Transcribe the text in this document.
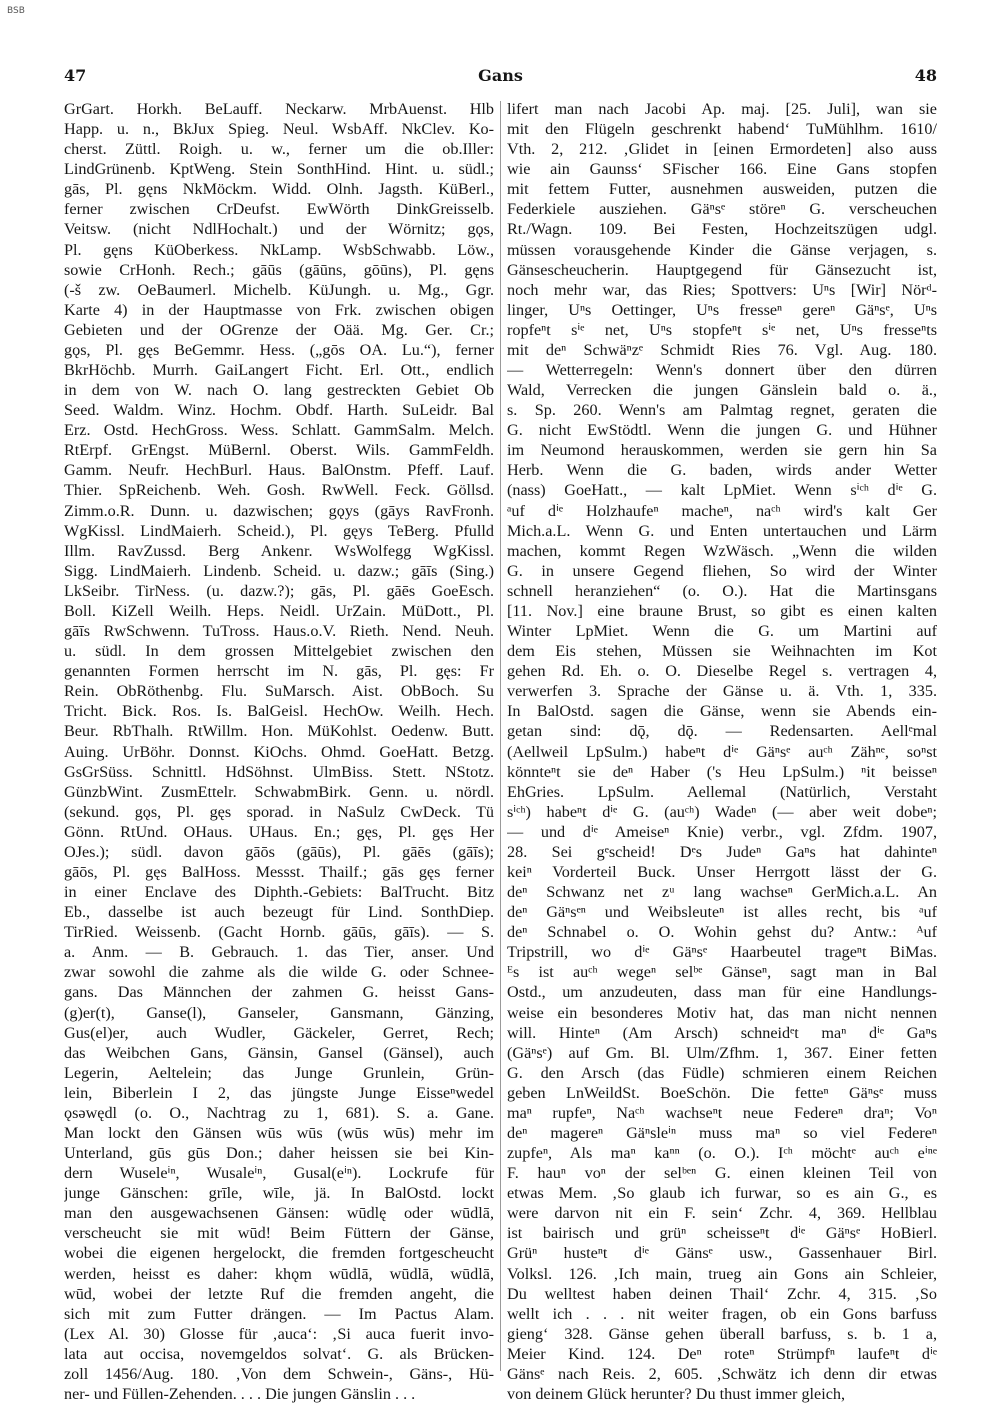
BSB
47	Gans	48
GrGart. Horkh. BeLauff. Neckarw. MrbAuenst. Hlb
Happ. u. n., BkJux Spieg. Neul. WsbAff. NkClev. Ko-
cherst. Züttl. Roigh. u. w., ferner um die ob.Iller:
LindGrünenb. KptWeng. Stein SonthHind. Hint. u. südl.;
gās, Pl. gęns NkMöckm. Widd. Olnh. Jagsth. KüBerl.,
ferner zwischen CrDeufst. EwWörth DinkGreisselb.
Veitsw. (nicht NdlHochalt.) und der Wörnitz; gǫs,
Pl. gęns KüOberkess. NkLamp. WsbSchwabb. Löw.,
sowie CrHonh. Rech.; gāūs (gāūns, gōūns), Pl. gęns
(-š zw. OeBaumerl. Michelb. KüJungh. u. Mg., Ggr.
Karte 4) in der Hauptmasse von Frk. zwischen obigen
Gebieten und der OGrenze der Oää. Mg. Ger. Cr.;
gǫs, Pl. gęs BeGemmr. Hess. („gōs OA. Lu.“), ferner
BkrHöchb. Murrh. GaiLangert Ficht. Erl. Ott., endlich
in dem von W. nach O. lang gestreckten Gebiet Ob
Seed. Waldm. Winz. Hochm. Obdf. Harth. SuLeidr. Bal
Erz. Ostd. HechGross. Wess. Schlatt. GammSalm. Melch.
RtErpf. GrEngst. MüBernl. Oberst. Wils. GammFeldh.
Gamm. Neufr. HechBurl. Haus. BalOnstm. Pfeff. Lauf.
Thier. SpReichenb. Weh. Gosh. RwWell. Feck. Göllsd.
Zimm.o.R. Dunn. u. dazwischen; gǫys (gāys RavFronh.
WgKissl. LindMaierh. Scheid.), Pl. gęys TeBerg. Pfulld
Illm. RavZussd. Berg Ankenr. WsWolfegg WgKissl.
Sigg. LindMaierh. Lindenb. Scheid. u. dazw.; gāīs (Sing.)
LkSeibr. TirNess. (u. dazw.?); gās, Pl. gāēs GoeEsch.
Boll. KiZell Weilh. Heps. Neidl. UrZain. MüDott., Pl.
gāīs RwSchwenn. TuTross. Haus.o.V. Rieth. Nend. Neuh.
u. südl. In dem grossen Mittelgebiet zwischen den
genannten Formen herrscht im N. gās, Pl. gęs: Fr
Rein. ObRöthenbg. Flu. SuMarsch. Aist. ObBoch. Su
Tricht. Bick. Ros. Is. BalGeisl. HechOw. Weilh. Hech.
Beur. RbThalh. RtWillm. Hon. MüKohlst. Oedenw. Butt.
Auing. UrBöhr. Donnst. KiOchs. Ohmd. GoeHatt. Betzg.
GsGrSüss. Schnittl. HdSöhnst. UlmBiss. Stett. NStotz.
GünzbWint. ZusmEttelr. SchwabmBirk. Genn. u. nördl.
(sekund. gǫs, Pl. gęs sporad. in NaSulz CwDeck. Tü
Gönn. RtUnd. OHaus. UHaus. En.; gęs, Pl. gęs Her
OJes.); südl. davon gāōs (gāūs), Pl. gāēs (gāīs);
gāōs, Pl. gęs BalHoss. Messst. Thailf.; gās gęs ferner
in einer Enclave des Diphth.-Gebiets: BalTrucht. Bitz
Eb., dasselbe ist auch bezeugt für Lind. SonthDiep.
TirRied. Weissenb. (Gacht Hornb. gāūs, gāīs). — S.
a. Anm. — B. Gebrauch. 1. das Tier, anser. Und
zwar sowohl die zahme als die wilde G. oder Schnee-
gans. Das Männchen der zahmen G. heisst Gans-
(g)er(t), Ganse(l), Ganseler, Gansmann, Gänzing,
Gus(el)er, auch Wudler, Gäckeler, Gerret, Rech;
das Weibchen Gans, Gänsin, Gansel (Gänsel), auch
Legerin, Aeltelein; das Junge Grunlein, Grün-
lein, Biberlein I 2, das jüngste Junge Eisseⁿwedel
ǫsəwędl (o. O., Nachtrag zu 1, 681). S. a. Gane.
Man lockt den Gänsen wūs wūs (wūs wūs) mehr im
Unterland, gūs gūs Don.; daher heissen sie bei Kin-
dern Wuseleⁱⁿ, Wusaleⁱⁿ, Gusal(eⁱⁿ). Lockrufe für
junge Gänschen: grīle, wīle, jä. In BalOstd. lockt
man den ausgewachsenen Gänsen: wūdlę oder wūdlā,
verscheucht sie mit wūd! Beim Füttern der Gänse,
wobei die eigenen hergelockt, die fremden fortgescheucht
werden, heisst es daher: khǫm wūdlā, wūdlā, wūdlā,
wūd, wobei der letzte Ruf die fremden angeht, die
sich mit zum Futter drängen. — Im Pactus Alam.
(Lex Al. 30) Glosse für ‚auca‘: ‚Si auca fuerit invo-
lata aut occisa, novemgeldos solvat‘. G. als Brücken-
zoll 1456/Aug. 180. ‚Von dem Schwein-, Gäns-, Hü-
ner- und Füllen-Zehenden. . . . Die jungen Gänslin . . .
lifert man nach Jacobi Ap. maj. [25. Juli], wan sie
mit den Flügeln geschrenkt habend‘ TuMühlhm. 1610/
Vth. 2, 212. ‚Glidet in [einen Ermordeten] also auss
wie ain Gaunss‘ SFischer 166. Eine Gans stopfen
mit fettem Futter, ausnehmen ausweiden, putzen die
Federkiele ausziehen. Gäⁿsᵉ störeⁿ G. verscheuchen
Rt./Wagn. 109. Bei Festen, Hochzeitszügen udgl.
müssen vorausgehende Kinder die Gänse verjagen, s.
Gänsescheucherin. Hauptgegend für Gänsezucht ist,
noch mehr war, das Ries; Spottvers: Uⁿs [Wir] Nörᵈ-
linger, Uⁿs Oettinger, Uⁿs fresseⁿ gereⁿ Gäⁿsᵉ, Uⁿs
ropfeⁿt sⁱᵉ net, Uⁿs stopfeⁿt sⁱᵉ net, Uⁿs fresseⁿts
mit deⁿ Schwäⁿzᵉ Schmidt Ries 76. Vgl. Aug. 180.
— Wetterregeln: Wenn's donnert über den dürren
Wald, Verrecken die jungen Gänslein bald o. ä.,
s. Sp. 260. Wenn's am Palmtag regnet, geraten die
G. nicht EwStödtl. Wenn die jungen G. und Hühner
im Neumond herauskommen, werden sie gern hin Sa
Herb. Wenn die G. baden, wirds ander Wetter
(nass) GoeHatt., — kalt LpMiet. Wenn sⁱᶜʰ dⁱᵉ G.
ᵃuf dⁱᵉ Holzhaufeⁿ macheⁿ, naᶜʰ wird's kalt Ger
Mich.a.L. Wenn G. und Enten untertauchen und Lärm
machen, kommt Regen WzWäsch. „Wenn die wilden
G. in unsere Gegend fliehen, So wird der Winter
schnell heranziehen“ (o. O.). Hat die Martinsgans
[11. Nov.] eine braune Brust, so gibt es einen kalten
Winter LpMiet. Wenn die G. um Martini auf
dem Eis stehen, Müssen sie Weihnachten im Kot
gehen Rd. Eh. o. O. Dieselbe Regel s. vertragen 4,
verwerfen 3. Sprache der Gänse u. ä. Vth. 1, 335.
In BalOstd. sagen die Gänse, wenn sie Abends ein-
getan sind: dǭ, dǭ. — Redensarten. Aellᵉmal
(Aellweil LpSulm.) habeⁿt dⁱᵉ Gäⁿsᵉ auᶜʰ Zähⁿᵉ, soⁿst
könnteⁿt sie deⁿ Haber ('s Heu LpSulm.) ⁿit beisseⁿ
EhGries. LpSulm. Aellemal (Natürlich, Verstaht
sⁱᶜʰ) habeⁿt dⁱᵉ G. (auᶜʰ) Wadeⁿ (— aber weit dobeⁿ;
— und dⁱᵉ Ameiseⁿ Knie) verbr., vgl. Zfdm. 1907,
28. Sei gᵉscheid! Dᵉs Judeⁿ Gaⁿs hat dahinteⁿ
keiⁿ Vorderteil Buck. Unser Herrgott lässt der G.
deⁿ Schwanz net zᵘ lang wachseⁿ GerMich.a.L. An
deⁿ Gäⁿsᵉⁿ und Weibsleuteⁿ ist alles recht, bis ᵃuf
deⁿ Schnabel o. O. Wohin gehst du? Antw.: ᴬuf
Tripstrill, wo dⁱᵉ Gäⁿsᵉ Haarbeutel trageⁿt BiMas.
ᴱs ist auᶜʰ wegeⁿ selᵇᵉ Gänseⁿ, sagt man in Bal
Ostd., um anzudeuten, dass man für eine Handlungs-
weise ein besonderes Motiv hat, das man nicht nennen
will. Hinteⁿ (Am Arsch) schneidᵉt maⁿ dⁱᵉ Gaⁿs
(Gäⁿsᵉ) auf Gm. Bl. Ulm/Zfhm. 1, 367. Einer fetten
G. den Arsch (das Füdle) schmieren einem Reichen
geben LnWeildSt. BoeSchön. Die fetteⁿ Gäⁿsᵉ muss
maⁿ rupfeⁿ, Naᶜʰ wachseⁿt neue Federeⁿ draⁿ; Voⁿ
deⁿ magereⁿ Gäⁿsleⁱⁿ muss maⁿ so viel Federeⁿ
zupfeⁿ, Als maⁿ kaⁿⁿ (o. O.). Iᶜʰ möchtᵉ auᶜʰ eⁱⁿᵉ
F. hauⁿ voⁿ der selᵇᵉⁿ G. einen kleinen Teil von
etwas Mem. ‚So glaub ich furwar, so es ain G., es
were darvon nit ein F. sein‘ Zchr. 4, 369. Hellblau
ist bairisch und grüⁿ scheisseⁿt dⁱᵉ Gäⁿsᵉ HoBierl.
Grüⁿ husteⁿt dⁱᵉ Gänsᵉ usw., Gassenhauer Birl.
Volksl. 126. ‚Ich main, trueg ain Gons ain Schleier,
Du welltest haben deinen Thail‘ Zchr. 4, 315. ‚So
wellt ich . . . nit weiter fragen, ob ein Gons barfuss
gieng‘ 328. Gänse gehen überall barfuss, s. b. 1 a,
Meier Kind. 124. Deⁿ roteⁿ Strümpfⁿ laufeⁿt dⁱᵉ
Gänsᵉ nach Reis. 2, 605. ‚Schwätz ich denn dir etwas
von deinem Glück herunter? Du thust immer gleich,
